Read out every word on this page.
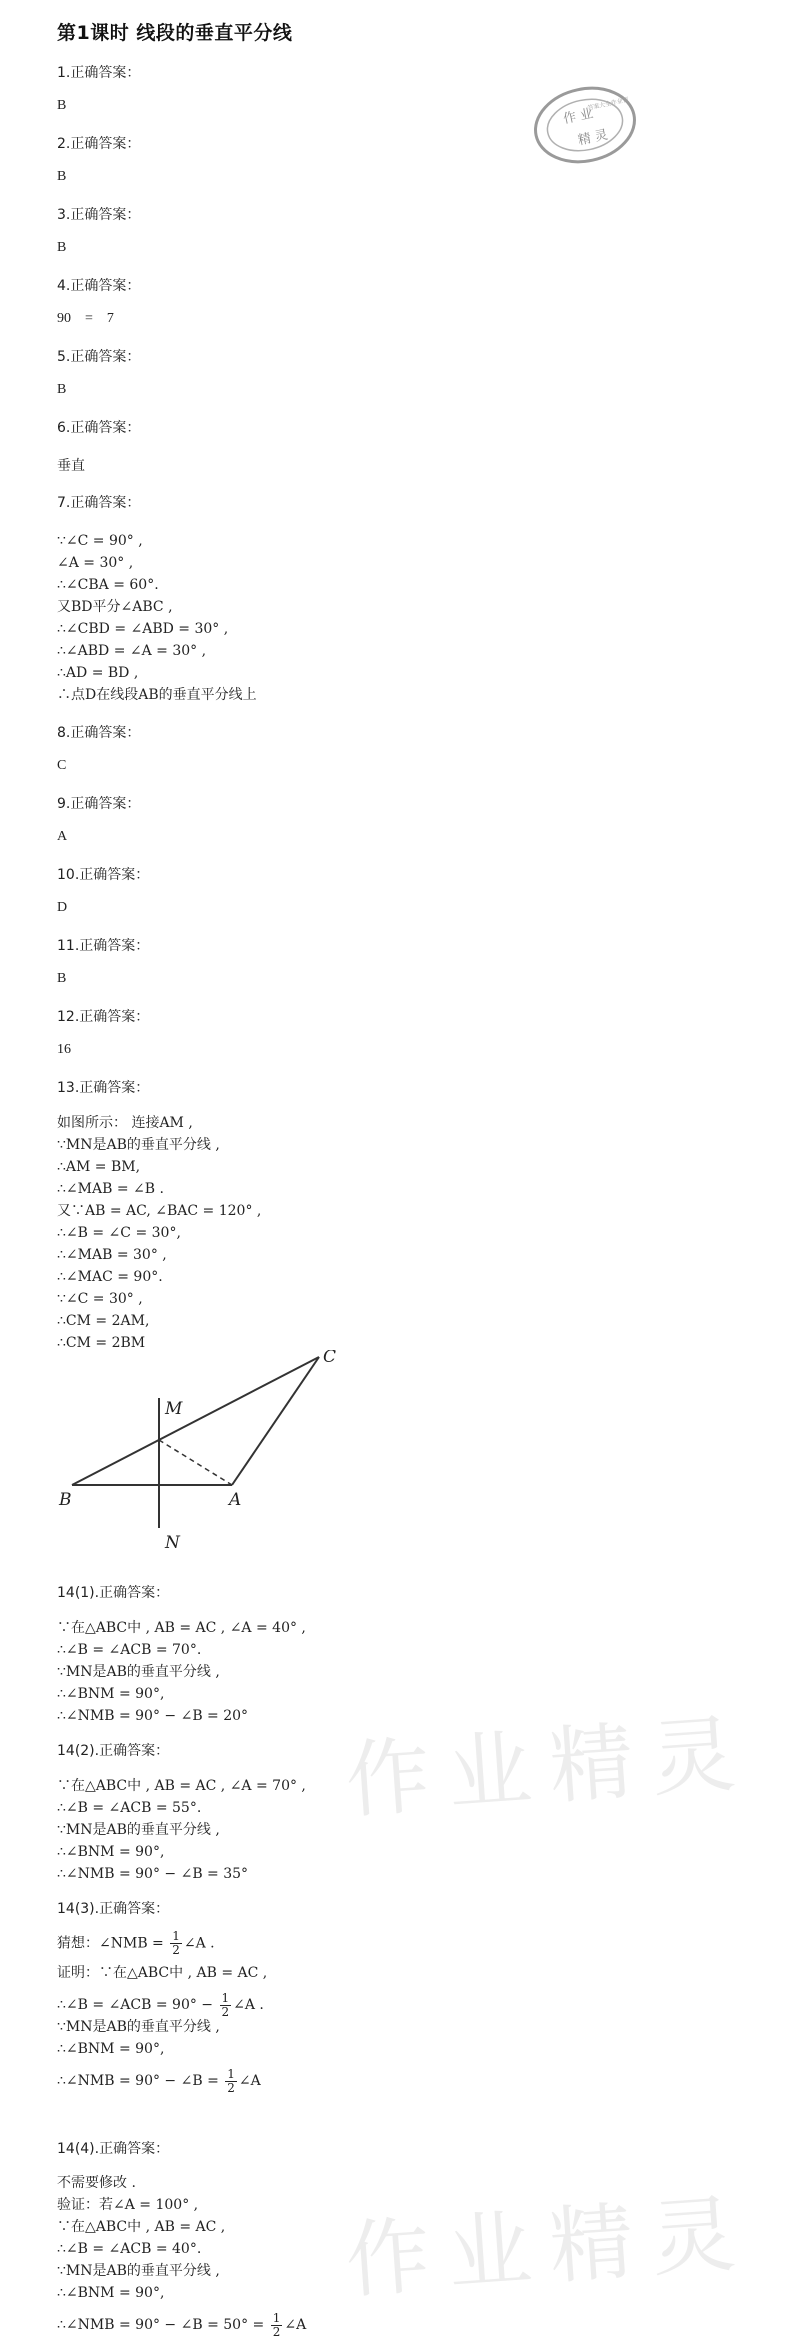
第1课时 线段的垂直平分线
作 业
精 灵
答案大全作业帮
作业精灵
作业精灵
1.正确答案：
B
2.正确答案：
B
3.正确答案：
B
4.正确答案：
90    =    7
5.正确答案：
B
6.正确答案：
垂直
7.正确答案：
∵∠C = 90° ,
∠A = 30° ,
∴∠CBA = 60°.
又BD平分∠ABC ,
∴∠CBD = ∠ABD = 30° ,
∴∠ABD = ∠A = 30° ,
∴AD = BD ,
∴点D在线段AB的垂直平分线上
8.正确答案：
C
9.正确答案：
A
10.正确答案：
D
11.正确答案：
B
12.正确答案：
16
13.正确答案：
如图所示： 连接AM ,
∵MN是AB的垂直平分线 ,
∴AM = BM,
∴∠MAB = ∠B .
又∵AB = AC, ∠BAC = 120° ,
∴∠B = ∠C = 30°,
∴∠MAB = 30° ,
∴∠MAC = 90°.
∵∠C = 30° ,
∴CM = 2AM,
∴CM = 2BM
C
M
B	A
N
14(1).正确答案：
∵在△ABC中 , AB = AC , ∠A = 40° ,
∴∠B = ∠ACB = 70°.
∵MN是AB的垂直平分线 ,
∴∠BNM = 90°,
∴∠NMB = 90° − ∠B = 20°
14(2).正确答案：
∵在△ABC中 , AB = AC , ∠A = 70° ,
∴∠B = ∠ACB = 55°.
∵MN是AB的垂直平分线 ,
∴∠BNM = 90°,
∴∠NMB = 90° − ∠B = 35°
14(3).正确答案：
猜想：∠NMB = $\frac{1}{2}$ ∠A .
证明：∵在△ABC中 , AB = AC ,
∴∠B = ∠ACB = $90^\circ - \frac{1}{2}$ ∠A .
∵MN是AB的垂直平分线 ,
∴∠BNM = 90°,
∴∠NMB = 90° − ∠B = $\frac{1}{2}$ ∠A
14(4).正确答案：
不需要修改 .
验证：若∠A = 100° ,
∵在△ABC中 , AB = AC ,
∴∠B = ∠ACB = 40°.
∵MN是AB的垂直平分线 ,
∴∠BNM = 90°,
∴∠NMB = 90° − ∠B = $50^\circ = \frac{1}{2}$ ∠A
